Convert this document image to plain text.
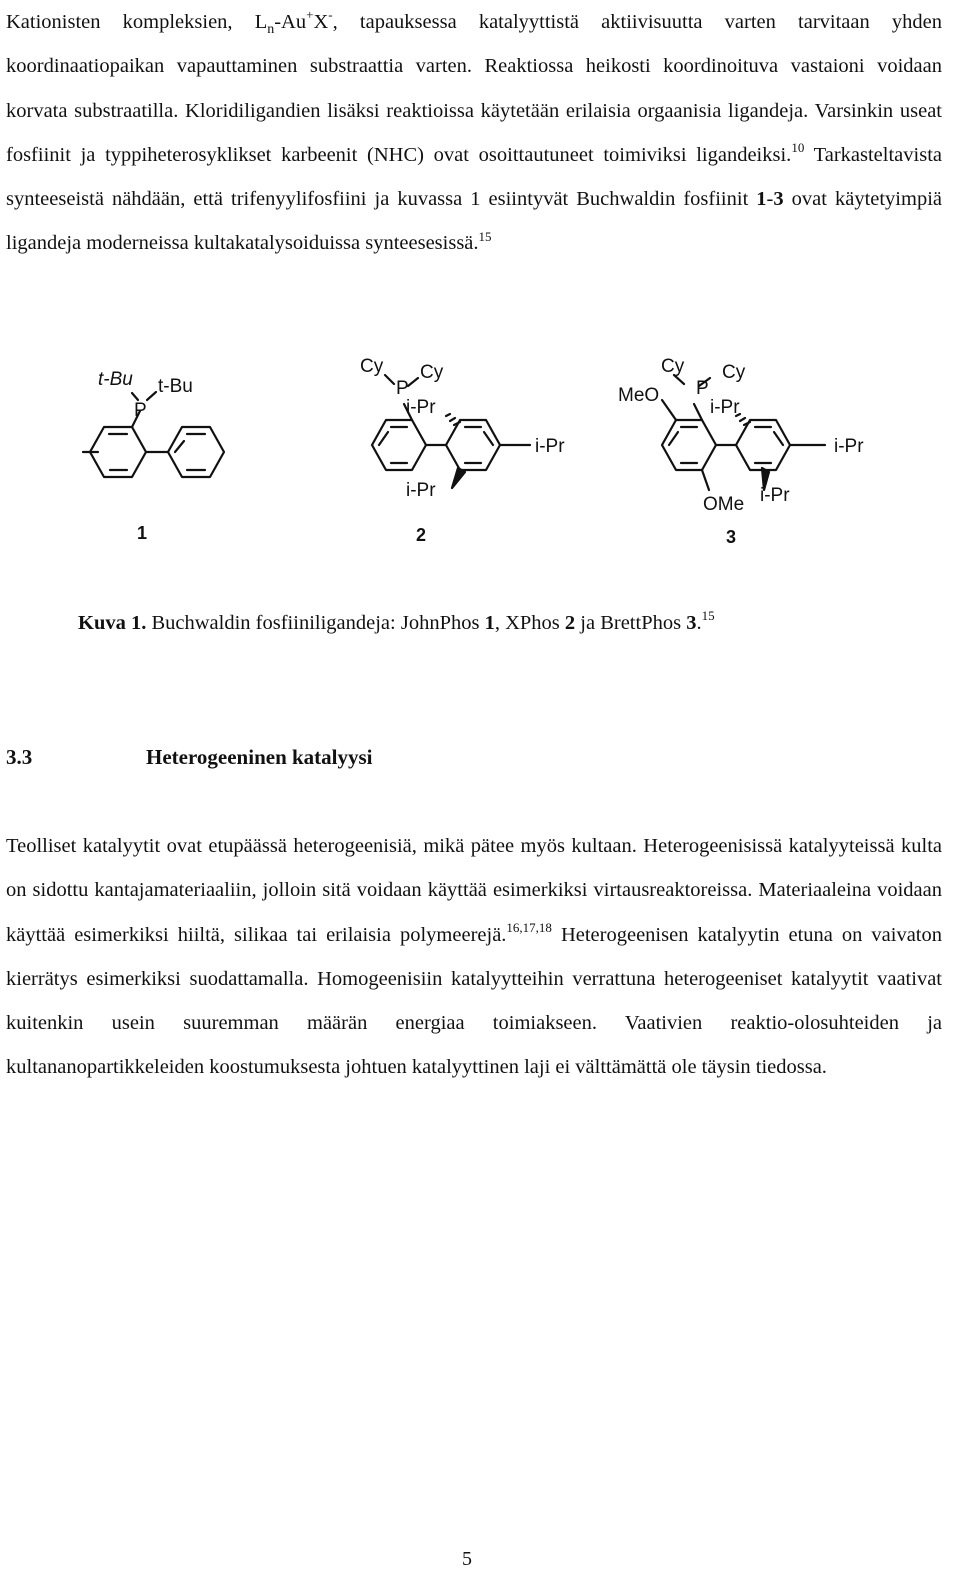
Kationisten kompleksien, $L_n-Au^+X^-$, tapauksessa katalyyttistä aktiivisuutta varten tarvitaan yhden koordinaatiopaikan vapauttaminen substraattia varten. Reaktiossa heikosti koordinoituva vastaioni voidaan korvata substraatilla. Kloridiligandien lisäksi reaktioissa käytetään erilaisia orgaanisia ligandeja. Varsinkin useat fosfiinit ja typpiheterosyklikset karbeenit (NHC) ovat osoittautuneet toimiviksi ligandeiksi.$^{10}$ Tarkasteltavista synteeseistä nähdään, että trifenyylifosfiini ja kuvassa 1 esiintyvät Buchwaldin fosfiinit 1-3 ovat käytetyimpiä ligandeja moderneissa kultakatalysoiduissa synteesesissä.$^{15}$

t-Bu t-Bu
P
1
Cy Cy
P
i-Pr
i-Pr
i-Pr
2
Cy Cy
P
MeO
i-Pr
i-Pr
OMe i-Pr
3

Kuva 1. Buchwaldin fosfiiniligandeja: JohnPhos 1, XPhos 2 ja BrettPhos 3.15

3.3	Heterogeeninen katalyysi

Teolliset katalyytit ovat etupäässä heterogeenisiä, mikä pätee myös kultaan. Heterogeenisissä katalyyteissä kulta on sidottu kantajamateriaaliin, jolloin sitä voidaan käyttää esimerkiksi virtausreaktoreissa. Materiaaleina voidaan käyttää esimerkiksi hiiltä, silikaa tai erilaisia polymeerejä.$^{16,17,18}$ Heterogeenisen katalyytin etuna on vaivaton kierrätys esimerkiksi suodattamalla. Homogeenisiin katalyytteihin verrattuna heterogeeniset katalyytit vaativat kuitenkin usein suuremman määrän energiaa toimiakseen. Vaativien reaktio-olosuhteiden ja kultananopartikkeleiden koostumuksesta johtuen katalyyttinen laji ei välttämättä ole täysin tiedossa.

5
